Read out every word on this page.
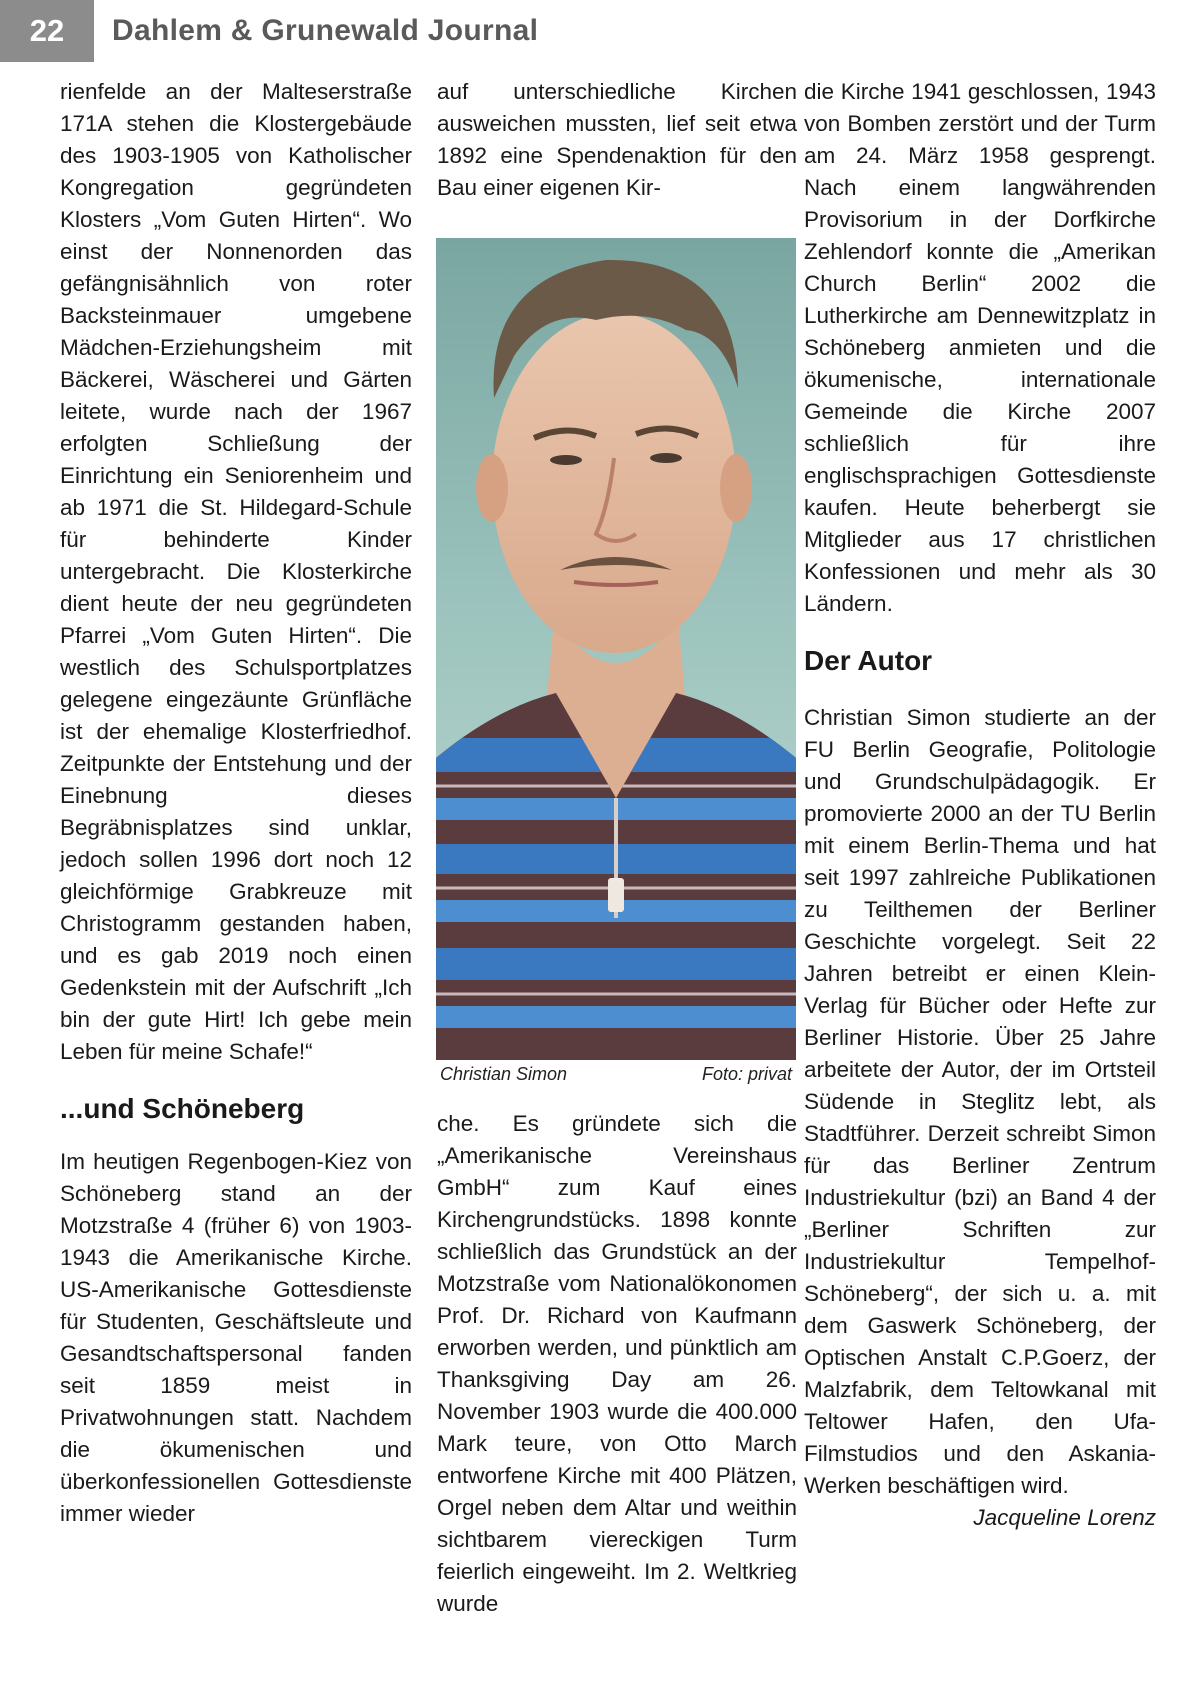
22	Dahlem & Grunewald Journal

rienfelde an der Malteserstraße 171A stehen die Klostergebäude des 1903-1905 von Katholischer Kongregation gegründeten Klosters „Vom Guten Hirten“. Wo einst der Nonnenorden das gefängnisähnlich von roter Backsteinmauer umgebene Mädchen-Erziehungsheim mit Bäckerei, Wäscherei und Gärten leitete, wurde nach der 1967 erfolgten Schließung der Einrichtung ein Seniorenheim und ab 1971 die St. Hildegard-Schule für behinderte Kinder untergebracht. Die Klosterkirche dient heute der neu gegründeten Pfarrei „Vom Guten Hirten“. Die westlich des Schulsportplatzes gelegene eingezäunte Grünfläche ist der ehemalige Klosterfriedhof. Zeitpunkte der Entstehung und der Einebnung dieses Begräbnisplatzes sind unklar, jedoch sollen 1996 dort noch 12 gleichförmige Grabkreuze mit Christogramm gestanden haben, und es gab 2019 noch einen Gedenkstein mit der Aufschrift „Ich bin der gute Hirt! Ich gebe mein Leben für meine Schafe!“

...und Schöneberg

Im heutigen Regenbogen-Kiez von Schöneberg stand an der Motzstraße 4 (früher 6) von 1903-1943 die Amerikanische Kirche. US-Amerikanische Gottesdienste für Studenten, Geschäftsleute und Gesandtschaftspersonal fanden seit 1859 meist in Privatwohnungen statt. Nachdem die ökumenischen und überkonfessionellen Gottesdienste immer wieder

auf unterschiedliche Kirchen ausweichen mussten, lief seit etwa 1892 eine Spendenaktion für den Bau einer eigenen Kir-

Christian Simon	Foto: privat

che. Es gründete sich die „Amerikanische Vereinshaus GmbH“ zum Kauf eines Kirchengrundstücks. 1898 konnte schließlich das Grundstück an der Motzstraße vom Nationalökonomen Prof. Dr. Richard von Kaufmann erworben werden, und pünktlich am Thanksgiving Day am 26. November 1903 wurde die 400.000 Mark teure, von Otto March entworfene Kirche mit 400 Plätzen, Orgel neben dem Altar und weithin sichtbarem viereckigen Turm feierlich eingeweiht. Im 2. Weltkrieg wurde

die Kirche 1941 geschlossen, 1943 von Bomben zerstört und der Turm am 24. März 1958 gesprengt. Nach einem langwährenden Provisorium in der Dorfkirche Zehlendorf konnte die „Amerikan Church Berlin“ 2002 die Lutherkirche am Dennewitzplatz in Schöneberg anmieten und die ökumenische, internationale Gemeinde die Kirche 2007 schließlich für ihre englischsprachigen Gottesdienste kaufen. Heute beherbergt sie Mitglieder aus 17 christlichen Konfessionen und mehr als 30 Ländern.

Der Autor

Christian Simon studierte an der FU Berlin Geografie, Politologie und Grundschulpädagogik. Er promovierte 2000 an der TU Berlin mit einem Berlin-Thema und hat seit 1997 zahlreiche Publikationen zu Teilthemen der Berliner Geschichte vorgelegt. Seit 22 Jahren betreibt er einen Klein-Verlag für Bücher oder Hefte zur Berliner Historie. Über 25 Jahre arbeitete der Autor, der im Ortsteil Südende in Steglitz lebt, als Stadtführer. Derzeit schreibt Simon für das Berliner Zentrum Industriekultur (bzi) an Band 4 der „Berliner Schriften zur Industriekultur Tempelhof-Schöneberg“, der sich u. a. mit dem Gaswerk Schöneberg, der Optischen Anstalt C.P.Goerz, der Malzfabrik, dem Teltowkanal mit Teltower Hafen, den Ufa-Filmstudios und den Askania-Werken beschäftigen wird.

Jacqueline Lorenz
